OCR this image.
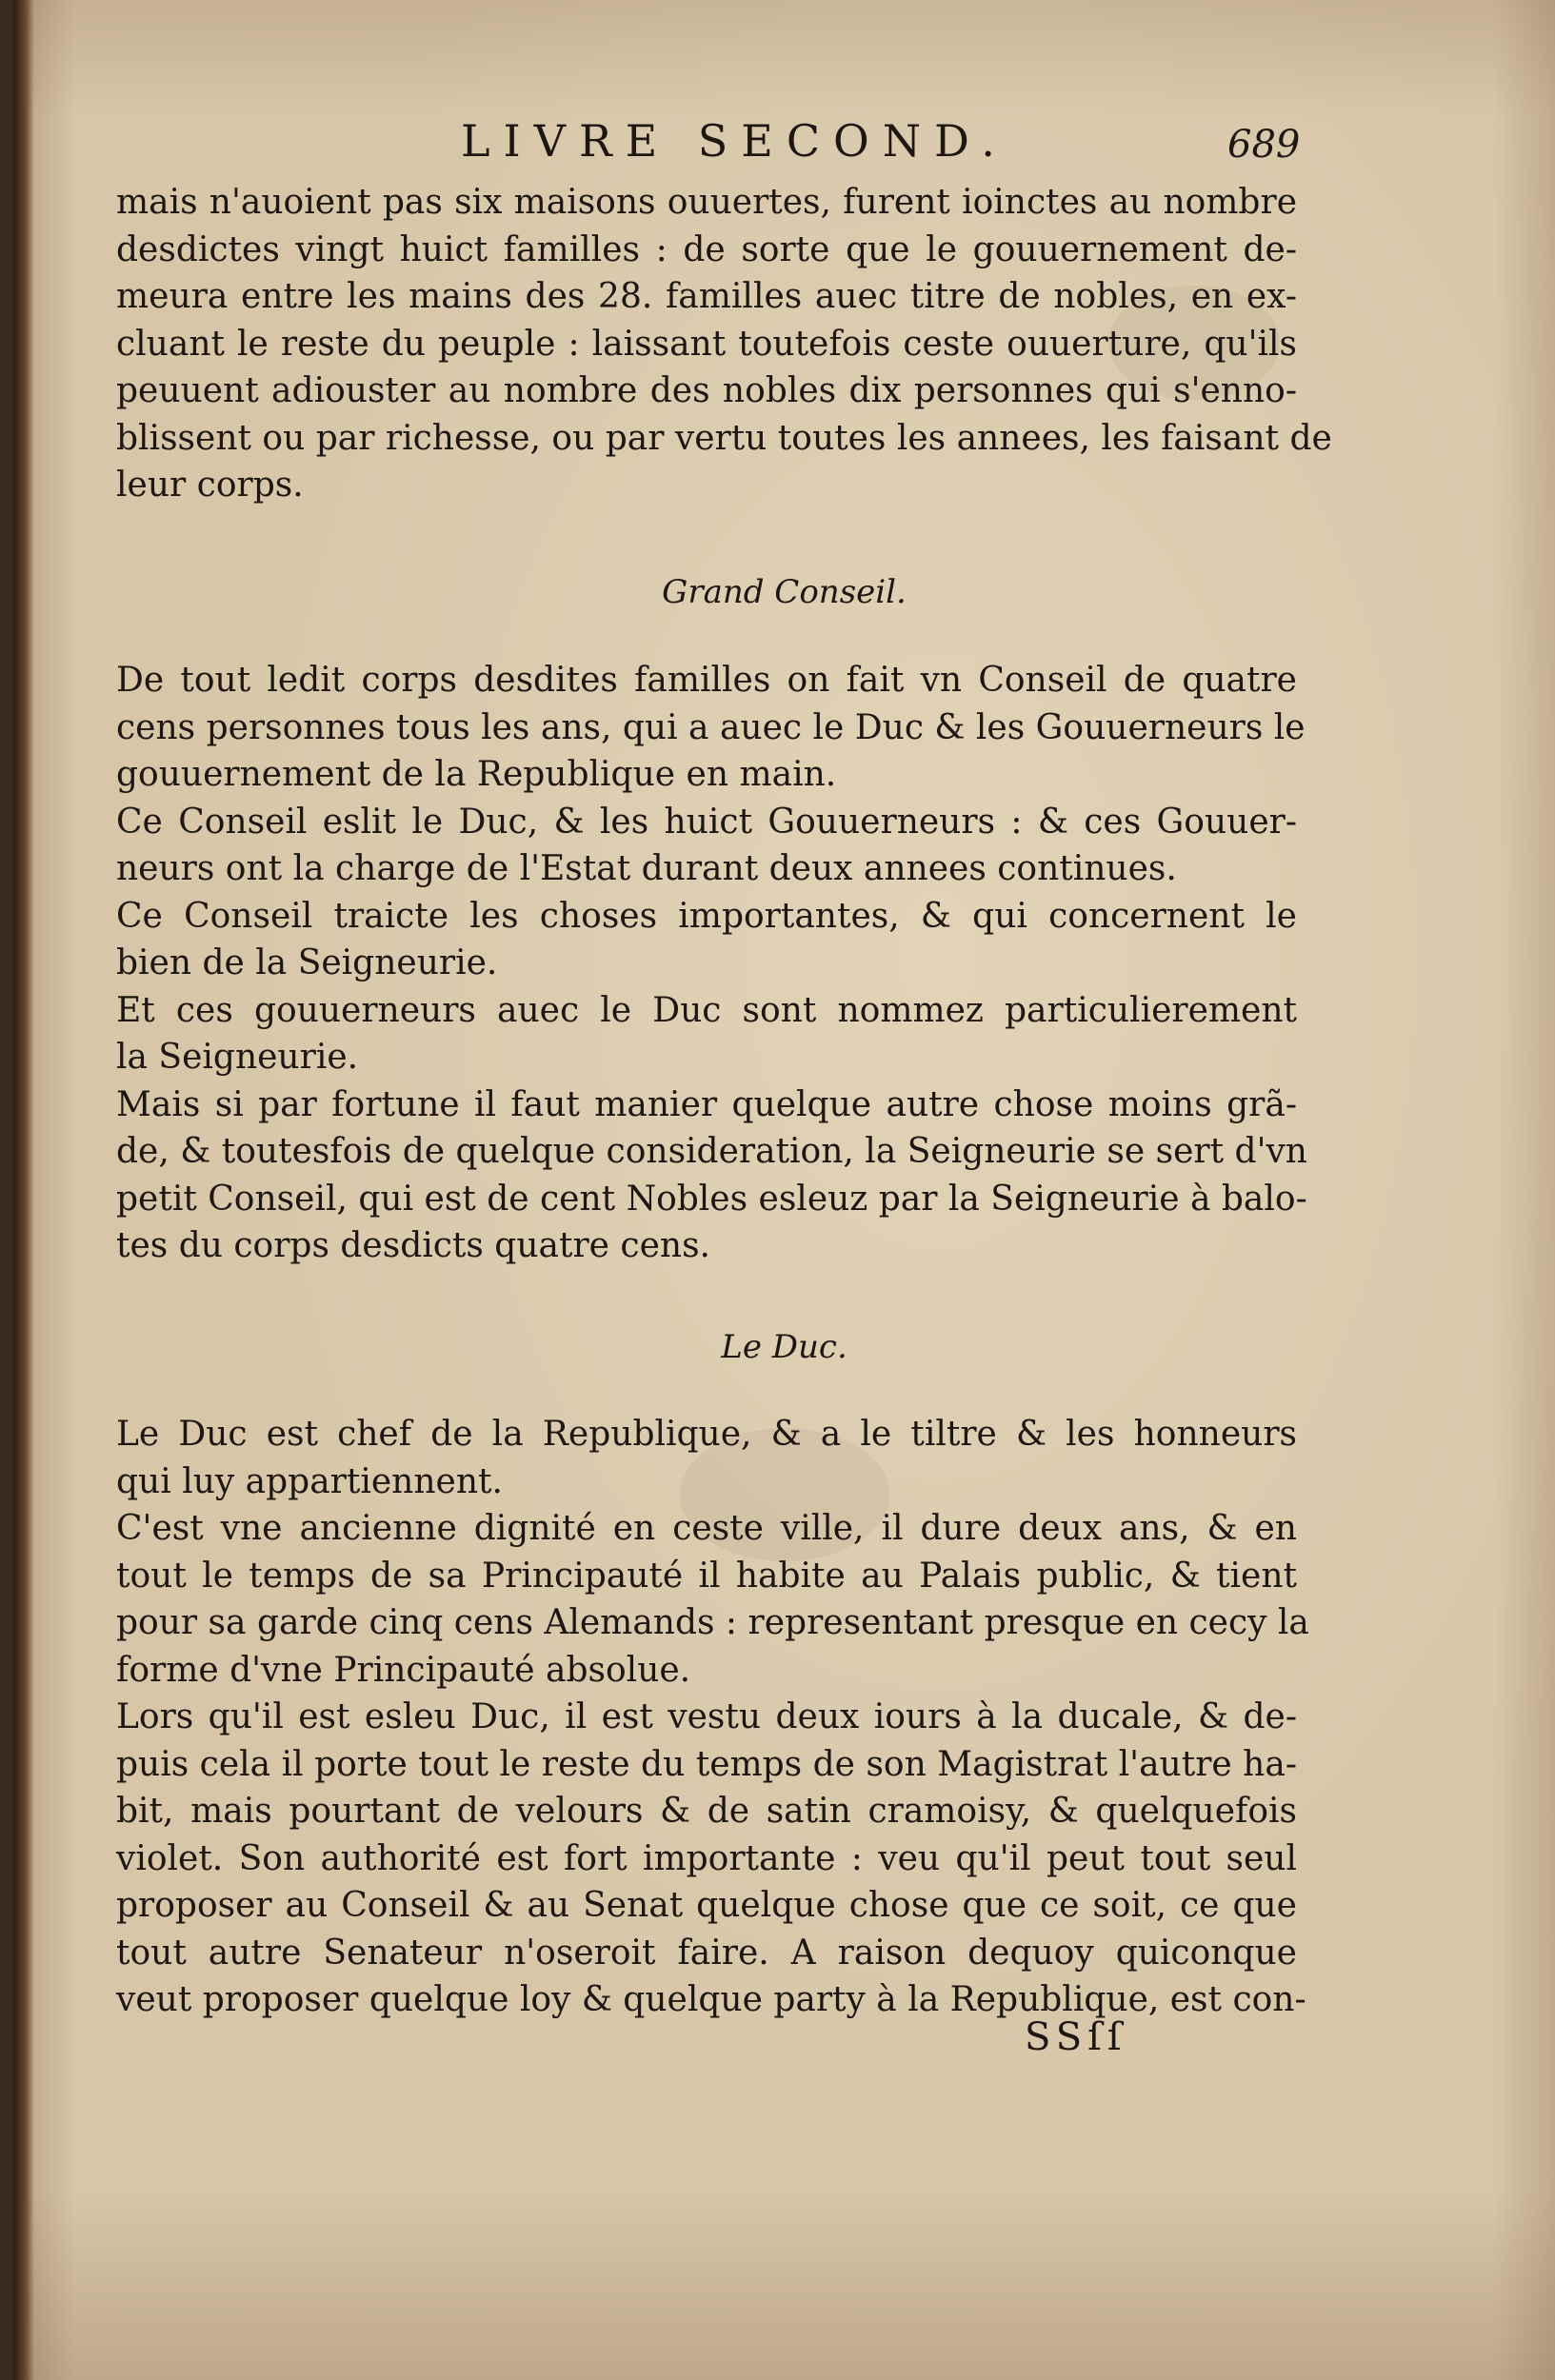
LIVRE SECOND.	689
mais n'auoient pas six maisons ouuertes, furent ioinctes au nombre
desdictes vingt huict familles : de sorte que le gouuernement de-
meura entre les mains des 28. familles auec titre de nobles, en ex-
cluant le reste du peuple : laissant toutefois ceste ouuerture, qu'ils
peuuent adiouster au nombre des nobles dix personnes qui s'enno-
blissent ou par richesse, ou par vertu toutes les annees, les faisant de
leur corps.
Grand Conseil.
De tout ledit corps desdites familles on fait vn Conseil de quatre
cens personnes tous les ans, qui a auec le Duc & les Gouuerneurs le
gouuernement de la Republique en main.
Ce Conseil eslit le Duc, & les huict Gouuerneurs : & ces Gouuer-
neurs ont la charge de l'Estat durant deux annees continues.
Ce Conseil traicte les choses importantes, & qui concernent le
bien de la Seigneurie.
Et ces gouuerneurs auec le Duc sont nommez particulierement
la Seigneurie.
Mais si par fortune il faut manier quelque autre chose moins grã-
de, & toutesfois de quelque consideration, la Seigneurie se sert d'vn
petit Conseil, qui est de cent Nobles esleuz par la Seigneurie à balo-
tes du corps desdicts quatre cens.
Le Duc.
Le Duc est chef de la Republique, & a le tiltre & les honneurs
qui luy appartiennent.
C'est vne ancienne dignité en ceste ville, il dure deux ans, & en
tout le temps de sa Principauté il habite au Palais public, & tient
pour sa garde cinq cens Alemands : representant presque en cecy la
forme d'vne Principauté absolue.
Lors qu'il est esleu Duc, il est vestu deux iours à la ducale, & de-
puis cela il porte tout le reste du temps de son Magistrat l'autre ha-
bit, mais pourtant de velours & de satin cramoisy, & quelquefois
violet. Son authorité est fort importante : veu qu'il peut tout seul
proposer au Conseil & au Senat quelque chose que ce soit, ce que
tout autre Senateur n'oseroit faire. A raison dequoy quiconque
veut proposer quelque loy & quelque party à la Republique, est con-
SSſſ
